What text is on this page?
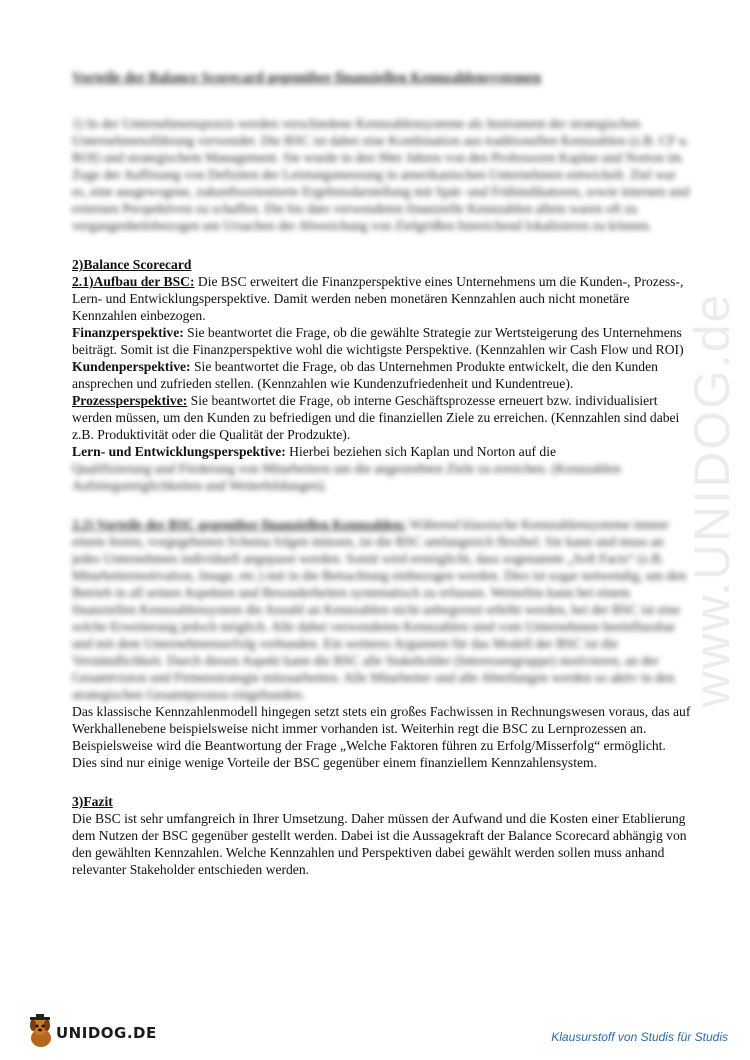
www.UNIDOG.de

Vorteile der Balance Scorecard gegenüber finanziellen Kennzahlensystemen

1) In der Unternehmenspraxis werden verschiedene Kennzahlensysteme als Instrument der strategischen Unternehmensführung verwendet. Die BSC ist dabei eine Kombination aus traditionellen Kennzahlen (z.B. CF u. ROI) und strategischem Management. Sie wurde in den 90er Jahren von den Professoren Kaplan und Norton im Zuge der Auflösung von Defiziten der Leistungsmessung in amerikanischen Unternehmen entwickelt. Ziel war es, eine ausgewogene, zukunftsorientierte Ergebnisdarstellung mit Spät- und Frühindikatoren, sowie internen und externen Perspektiven zu schaffen. Die bis dato verwendeten finanzielle Kennzahlen allein waren oft zu vergangenheitsbezogen um Ursachen der Abweichung von Zielgrößen hinreichend lokalisieren zu können.

2)Balance Scorecard

2.1)Aufbau der BSC: Die BSC erweitert die Finanzperspektive eines Unternehmens um die Kunden-, Prozess-, Lern- und Entwicklungsperspektive. Damit werden neben monetären Kennzahlen auch nicht monetäre Kennzahlen einbezogen.

Finanzperspektive: Sie beantwortet die Frage, ob die gewählte Strategie zur Wertsteigerung des Unternehmens beiträgt. Somit ist die Finanzperspektive wohl die wichtigste Perspektive. (Kennzahlen wir Cash Flow und ROI)

Kundenperspektive: Sie beantwortet die Frage, ob das Unternehmen Produkte entwickelt, die den Kunden ansprechen und zufrieden stellen. (Kennzahlen wie Kundenzufriedenheit und Kundentreue).

Prozessperspektive: Sie beantwortet die Frage, ob interne Geschäftsprozesse erneuert bzw. individualisiert werden müssen, um den Kunden zu befriedigen und die finanziellen Ziele zu erreichen. (Kennzahlen sind dabei z.B. Produktivität oder die Qualität der Prodzukte).

Lern- und Entwicklungsperspektive: Hierbei beziehen sich Kaplan und Norton auf die

Qualifizierung und Förderung von Mitarbeitern um die angestrebten Ziele zu erreichen. (Kennzahlen Aufstiegsmöglichkeiten und Weiterbildungen).

2.2) Vorteile der BSC gegenüber finanziellen Kennzahlen: Während klassische Kennzahlensysteme immer einem festen, vorgegebenen Schema folgen müssen, ist die BSC umfangreich flexibel. Sie kann und muss an jedes Unternehmen individuell angepasst werden. Somit wird ermöglicht, dass sogenannte „Soft Facts“ (z.B. Mitarbeitermotivation, Image, etc.) mit in die Betrachtung einbezogen werden. Dies ist sogar notwendig, um den Betrieb in all seinen Aspekten und Besonderheiten systematisch zu erfassen. Weiterhin kann bei einem finanziellen Kennzahlensystem die Anzahl an Kennzahlen nicht unbegrenzt erhöht werden, bei der BSC ist eine solche Erweiterung jedoch möglich. Alle dabei verwendeten Kennzahlen sind vom Unternehmen beeinflussbar und mit dem Unternehmenserfolg verbunden. Ein weiteres Argument für das Modell der BSC ist die Verständlichkeit. Durch diesen Aspekt kann die BSC alle Stakeholder (Interessengruppe) motivieren, an der Gesamtvision und Firmenstrategie mitzuarbeiten. Alle Mitarbeiter und alle Abteilungen werden so aktiv in den strategischen Gesamtprozess eingebunden.

Das klassische Kennzahlenmodell hingegen setzt stets ein großes Fachwissen in Rechnungswesen voraus, das auf Werkhallenebene beispielsweise nicht immer vorhanden ist. Weiterhin regt die BSC zu Lernprozessen an. Beispielsweise wird die Beantwortung der Frage „Welche Faktoren führen zu Erfolg/Misserfolg“ ermöglicht. Dies sind nur einige wenige Vorteile der BSC gegenüber einem finanziellem Kennzahlensystem.

3)Fazit

Die BSC ist sehr umfangreich in Ihrer Umsetzung. Daher müssen der Aufwand und die Kosten einer Etablierung dem Nutzen der BSC gegenüber gestellt werden. Dabei ist die Aussagekraft der Balance Scorecard abhängig von den gewählten Kennzahlen. Welche Kennzahlen und Perspektiven dabei gewählt werden sollen muss anhand relevanter Stakeholder entschieden werden.

UNIDOG.DE	Klausurstoff von Studis für Studis
